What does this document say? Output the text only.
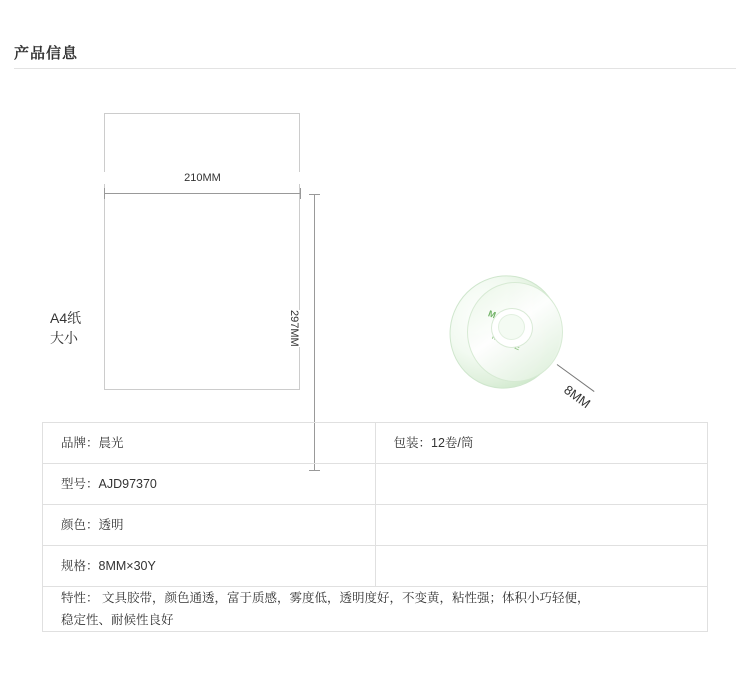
产品信息
210MM
297MM
A4纸
大小
8MM
品牌：晨光	包装：12卷/筒
型号：AJD97370	
颜色：透明	
规格：8MM×30Y	

特性： 文具胶带，颜色通透，富于质感，雾度低，透明度好，不变黄，粘性强；体积小巧轻便，
稳定性、耐候性良好	
